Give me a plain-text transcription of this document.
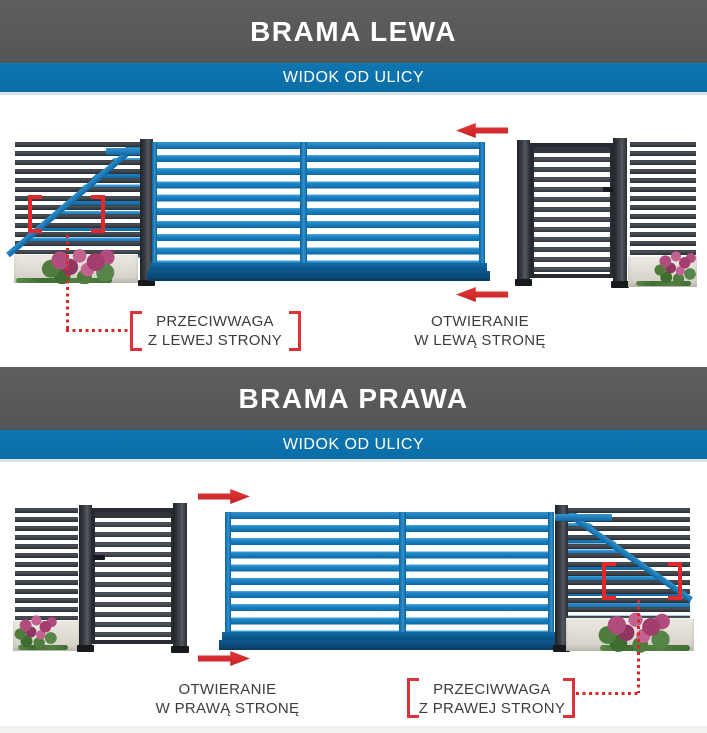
BRAMA LEWA
WIDOK OD ULICY
PRZECIWWAGA
Z LEWEJ STRONY
OTWIERANIE
W LEWĄ STRONĘ
BRAMA PRAWA
WIDOK OD ULICY
OTWIERANIE
W PRAWĄ STRONĘ
PRZECIWWAGA
Z PRAWEJ STRONY
